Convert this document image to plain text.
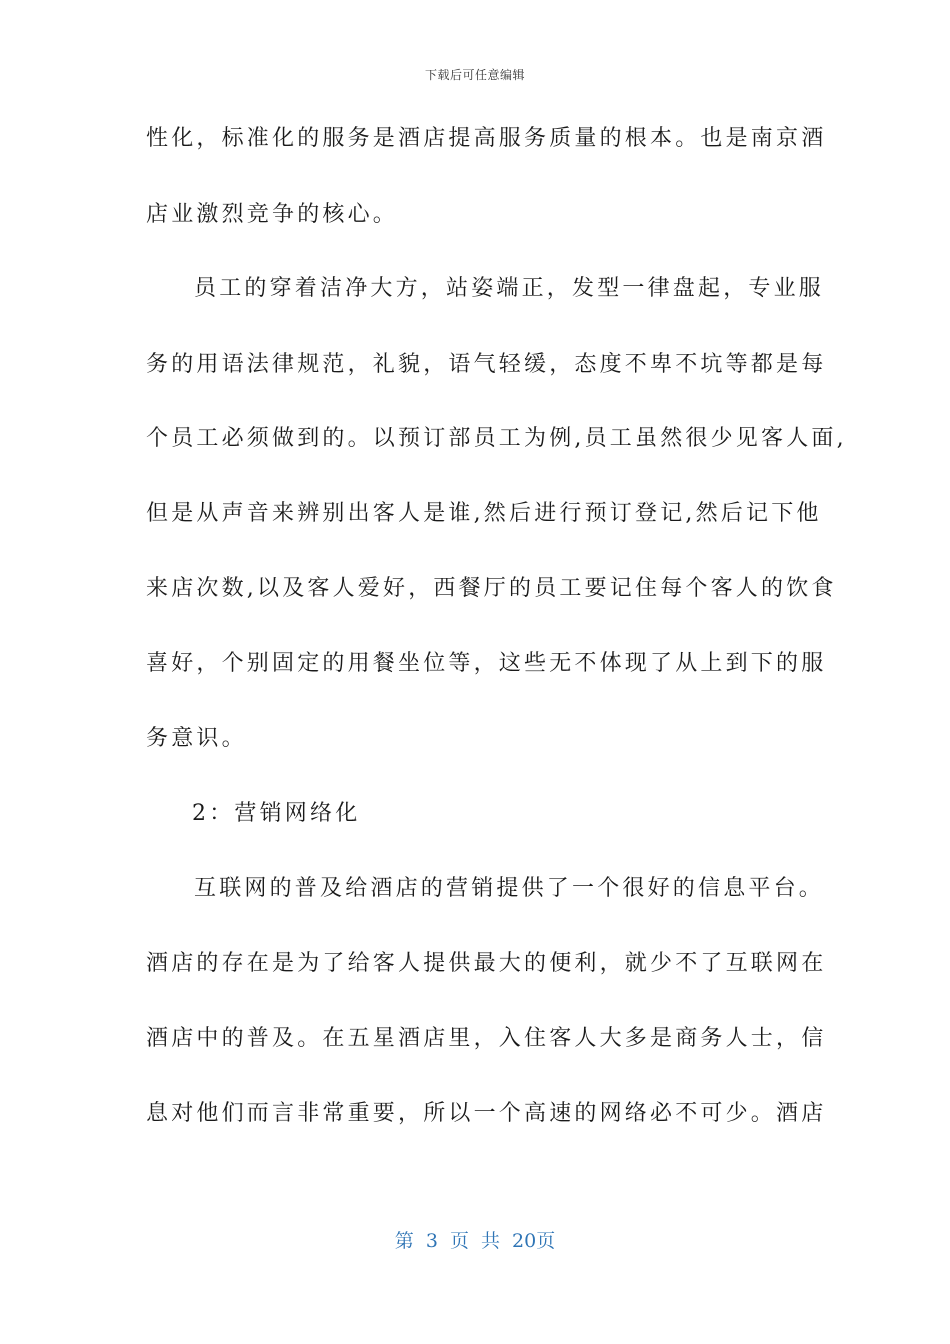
下载后可任意编辑
性化，标准化的服务是酒店提高服务质量的根本。也是南京酒
店业激烈竞争的核心。
员工的穿着洁净大方，站姿端正，发型一律盘起，专业服
务的用语法律规范，礼貌，语气轻缓，态度不卑不坑等都是每
个员工必须做到的。以预订部员工为例,员工虽然很少见客人面,
但是从声音来辨别出客人是谁,然后进行预订登记,然后记下他
来店次数,以及客人爱好，西餐厅的员工要记住每个客人的饮食
喜好，个别固定的用餐坐位等，这些无不体现了从上到下的服
务意识。
2：营销网络化
互联网的普及给酒店的营销提供了一个很好的信息平台。
酒店的存在是为了给客人提供最大的便利，就少不了互联网在
酒店中的普及。在五星酒店里，入住客人大多是商务人士，信
息对他们而言非常重要，所以一个高速的网络必不可少。酒店
第 3 页 共 20页
